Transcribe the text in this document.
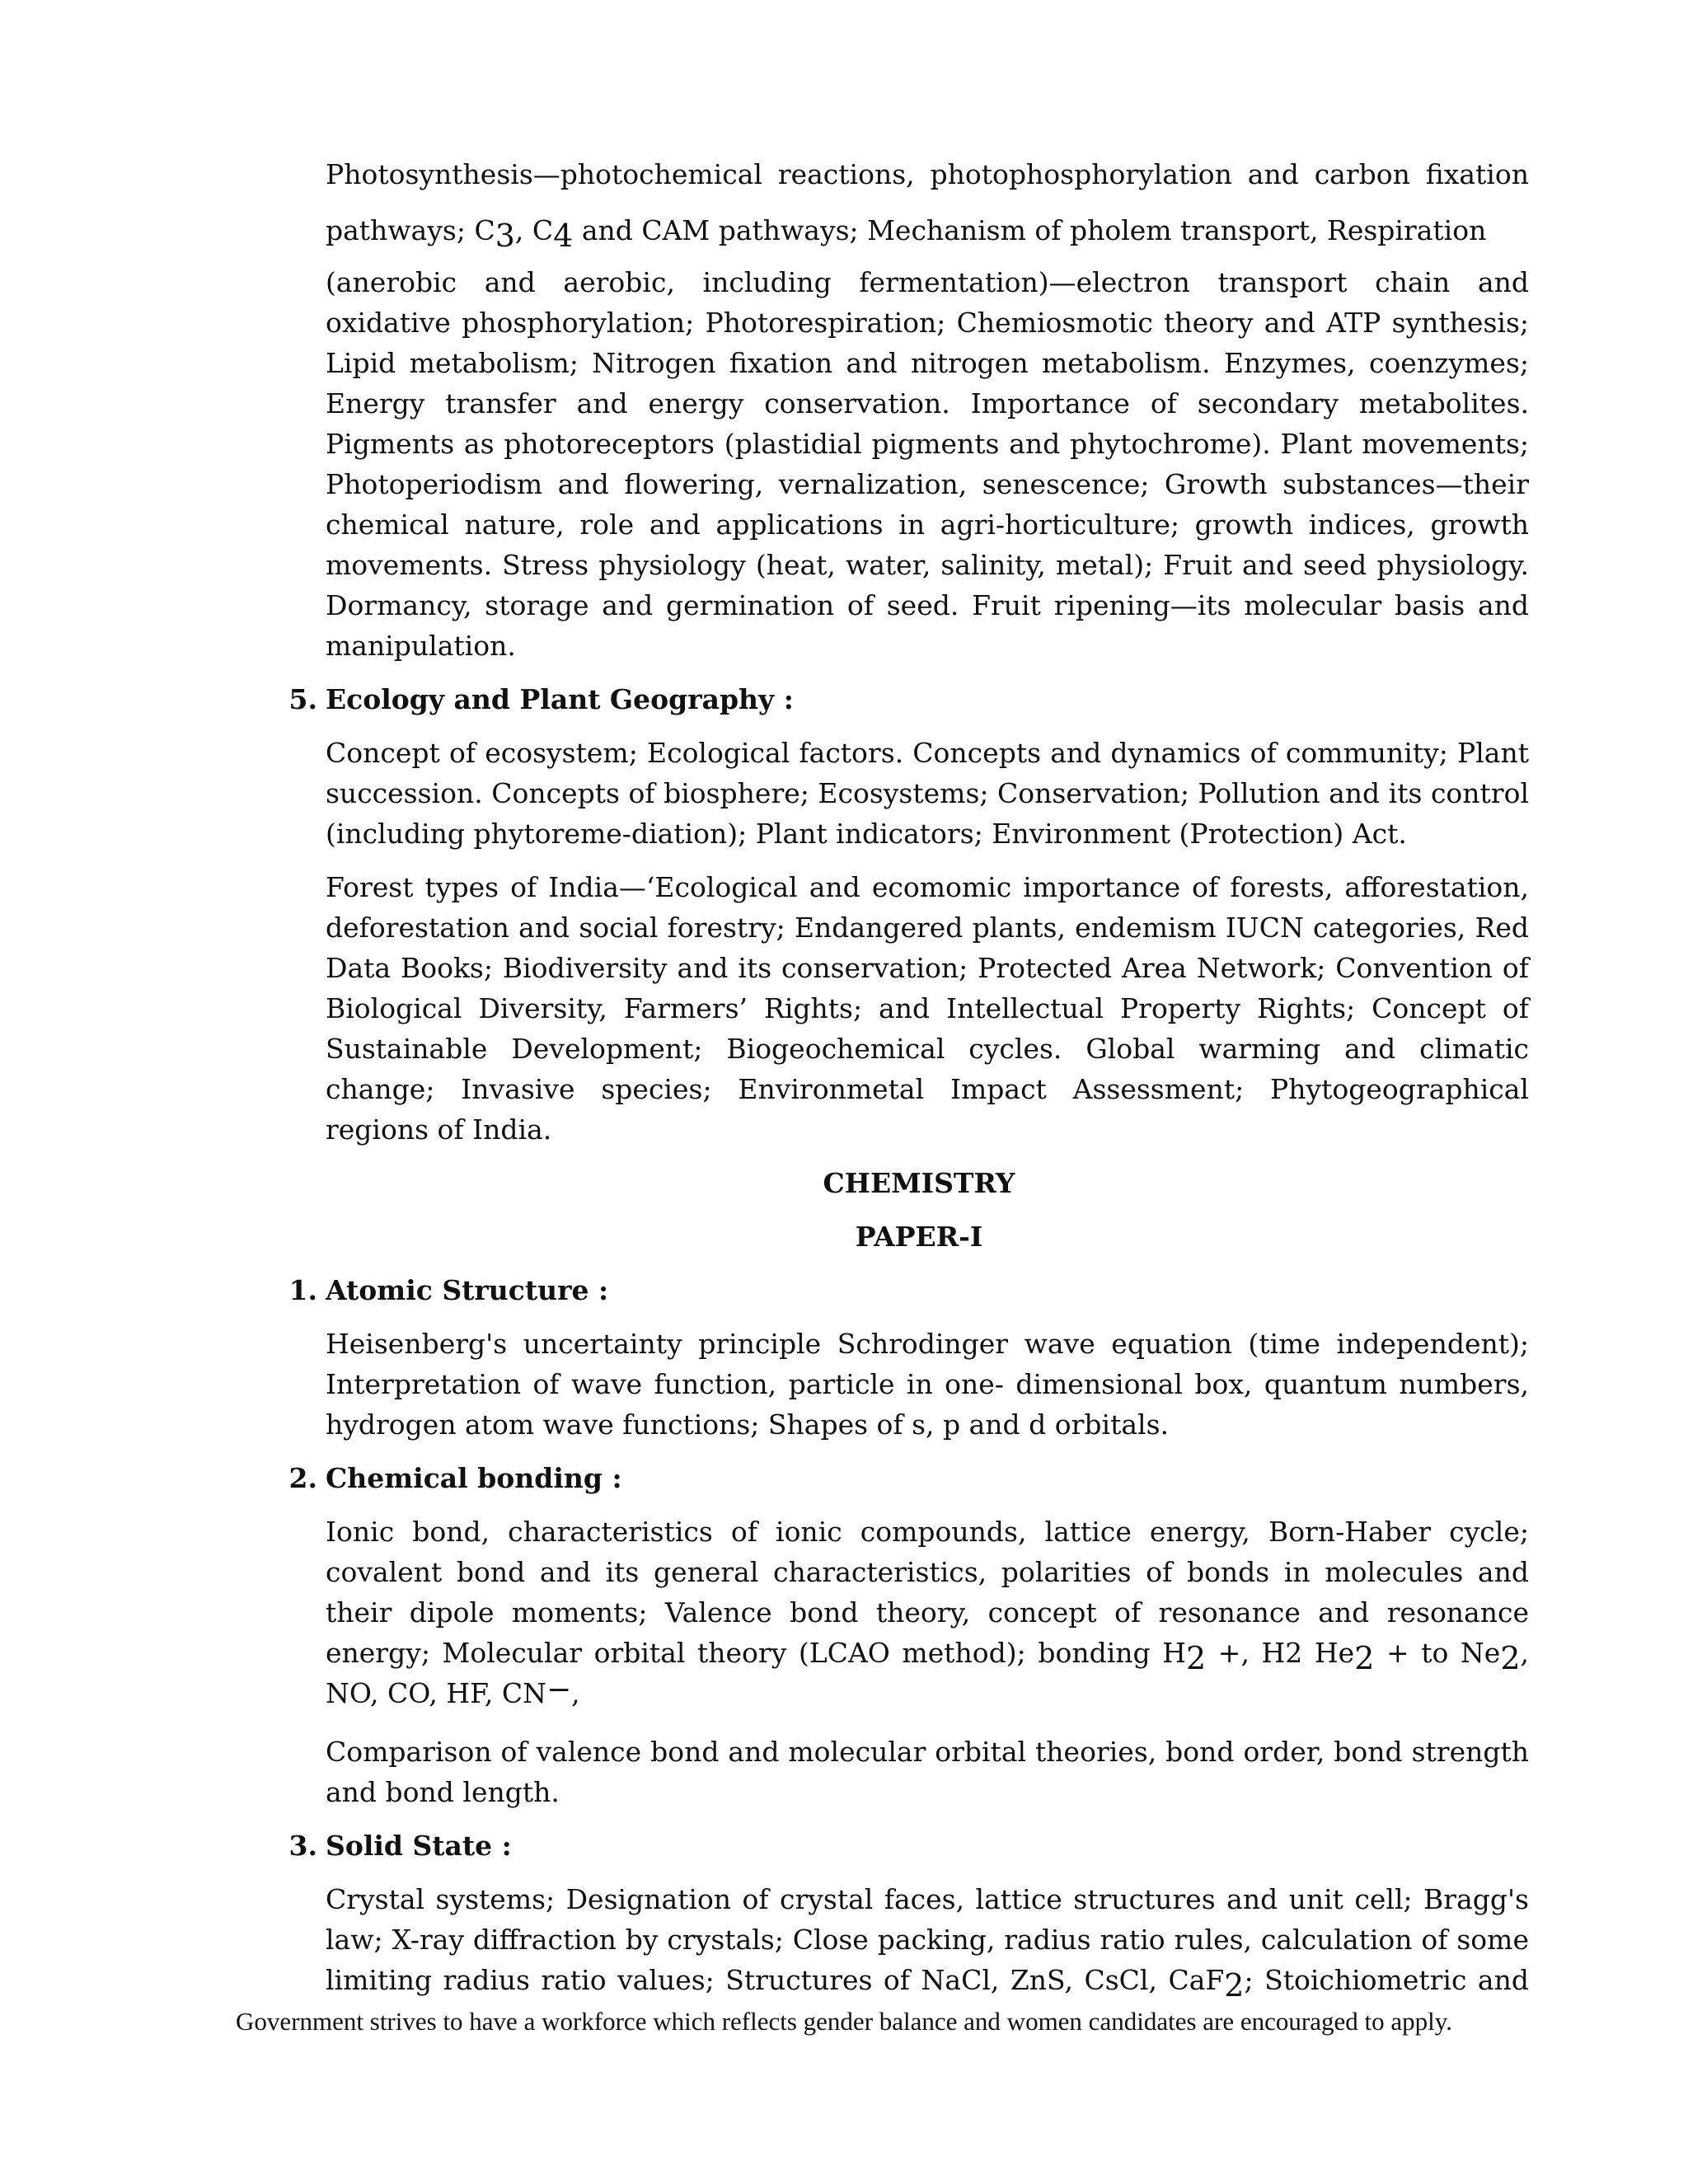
Photosynthesis—photochemical reactions, photophosphorylation and carbon fixation pathways; $C_3$, $C_4$ and CAM pathways; Mechanism of pholem transport, Respiration

(anerobic and aerobic, including fermentation)—electron transport chain and oxidative phosphorylation; Photorespiration; Chemiosmotic theory and ATP synthesis; Lipid metabolism; Nitrogen fixation and nitrogen metabolism. Enzymes, coenzymes; Energy transfer and energy conservation. Importance of secondary metabolites. Pigments as photoreceptors (plastidial pigments and phytochrome). Plant movements; Photoperiodism and flowering, vernalization, senescence; Growth substances—their chemical nature, role and applications in agri-horticulture; growth indices, growth movements. Stress physiology (heat, water, salinity, metal); Fruit and seed physiology. Dormancy, storage and germination of seed. Fruit ripening—its molecular basis and manipulation.

5. Ecology and Plant Geography :

Concept of ecosystem; Ecological factors. Concepts and dynamics of community; Plant succession. Concepts of biosphere; Ecosystems; Conservation; Pollution and its control (including phytoreme-diation); Plant indicators; Environment (Protection) Act.

Forest types of India—‘Ecological and ecomomic importance of forests, afforestation, deforestation and social forestry; Endangered plants, endemism IUCN categories, Red Data Books; Biodiversity and its conservation; Protected Area Network; Convention of Biological Diversity, Farmers’ Rights; and Intellectual Property Rights; Concept of Sustainable Development; Biogeochemical cycles. Global warming and climatic change; Invasive species; Environmetal Impact Assessment; Phytogeographical regions of India.

CHEMISTRY
PAPER-I
1. Atomic Structure :

Heisenberg's uncertainty principle Schrodinger wave equation (time independent); Interpretation of wave function, particle in one- dimensional box, quantum numbers, hydrogen atom wave functions; Shapes of s, p and d orbitals.

2. Chemical bonding :

Ionic bond, characteristics of ionic compounds, lattice energy, Born-Haber cycle; covalent bond and its general characteristics, polarities of bonds in molecules and their dipole moments; Valence bond theory, concept of resonance and resonance energy; Molecular orbital theory (LCAO method); bonding $H_2$ +, H2 $He_2$ + to $Ne_2$, NO, CO, HF, CN−,

Comparison of valence bond and molecular orbital theories, bond order, bond strength and bond length.

3. Solid State :

Crystal systems; Designation of crystal faces, lattice structures and unit cell; Bragg's law; X-ray diffraction by crystals; Close packing, radius ratio rules, calculation of some limiting radius ratio values; Structures of NaCl, ZnS, CsCl, CaF$_2$; Stoichiometric and

Government strives to have a workforce which reflects gender balance and women candidates are encouraged to apply.
